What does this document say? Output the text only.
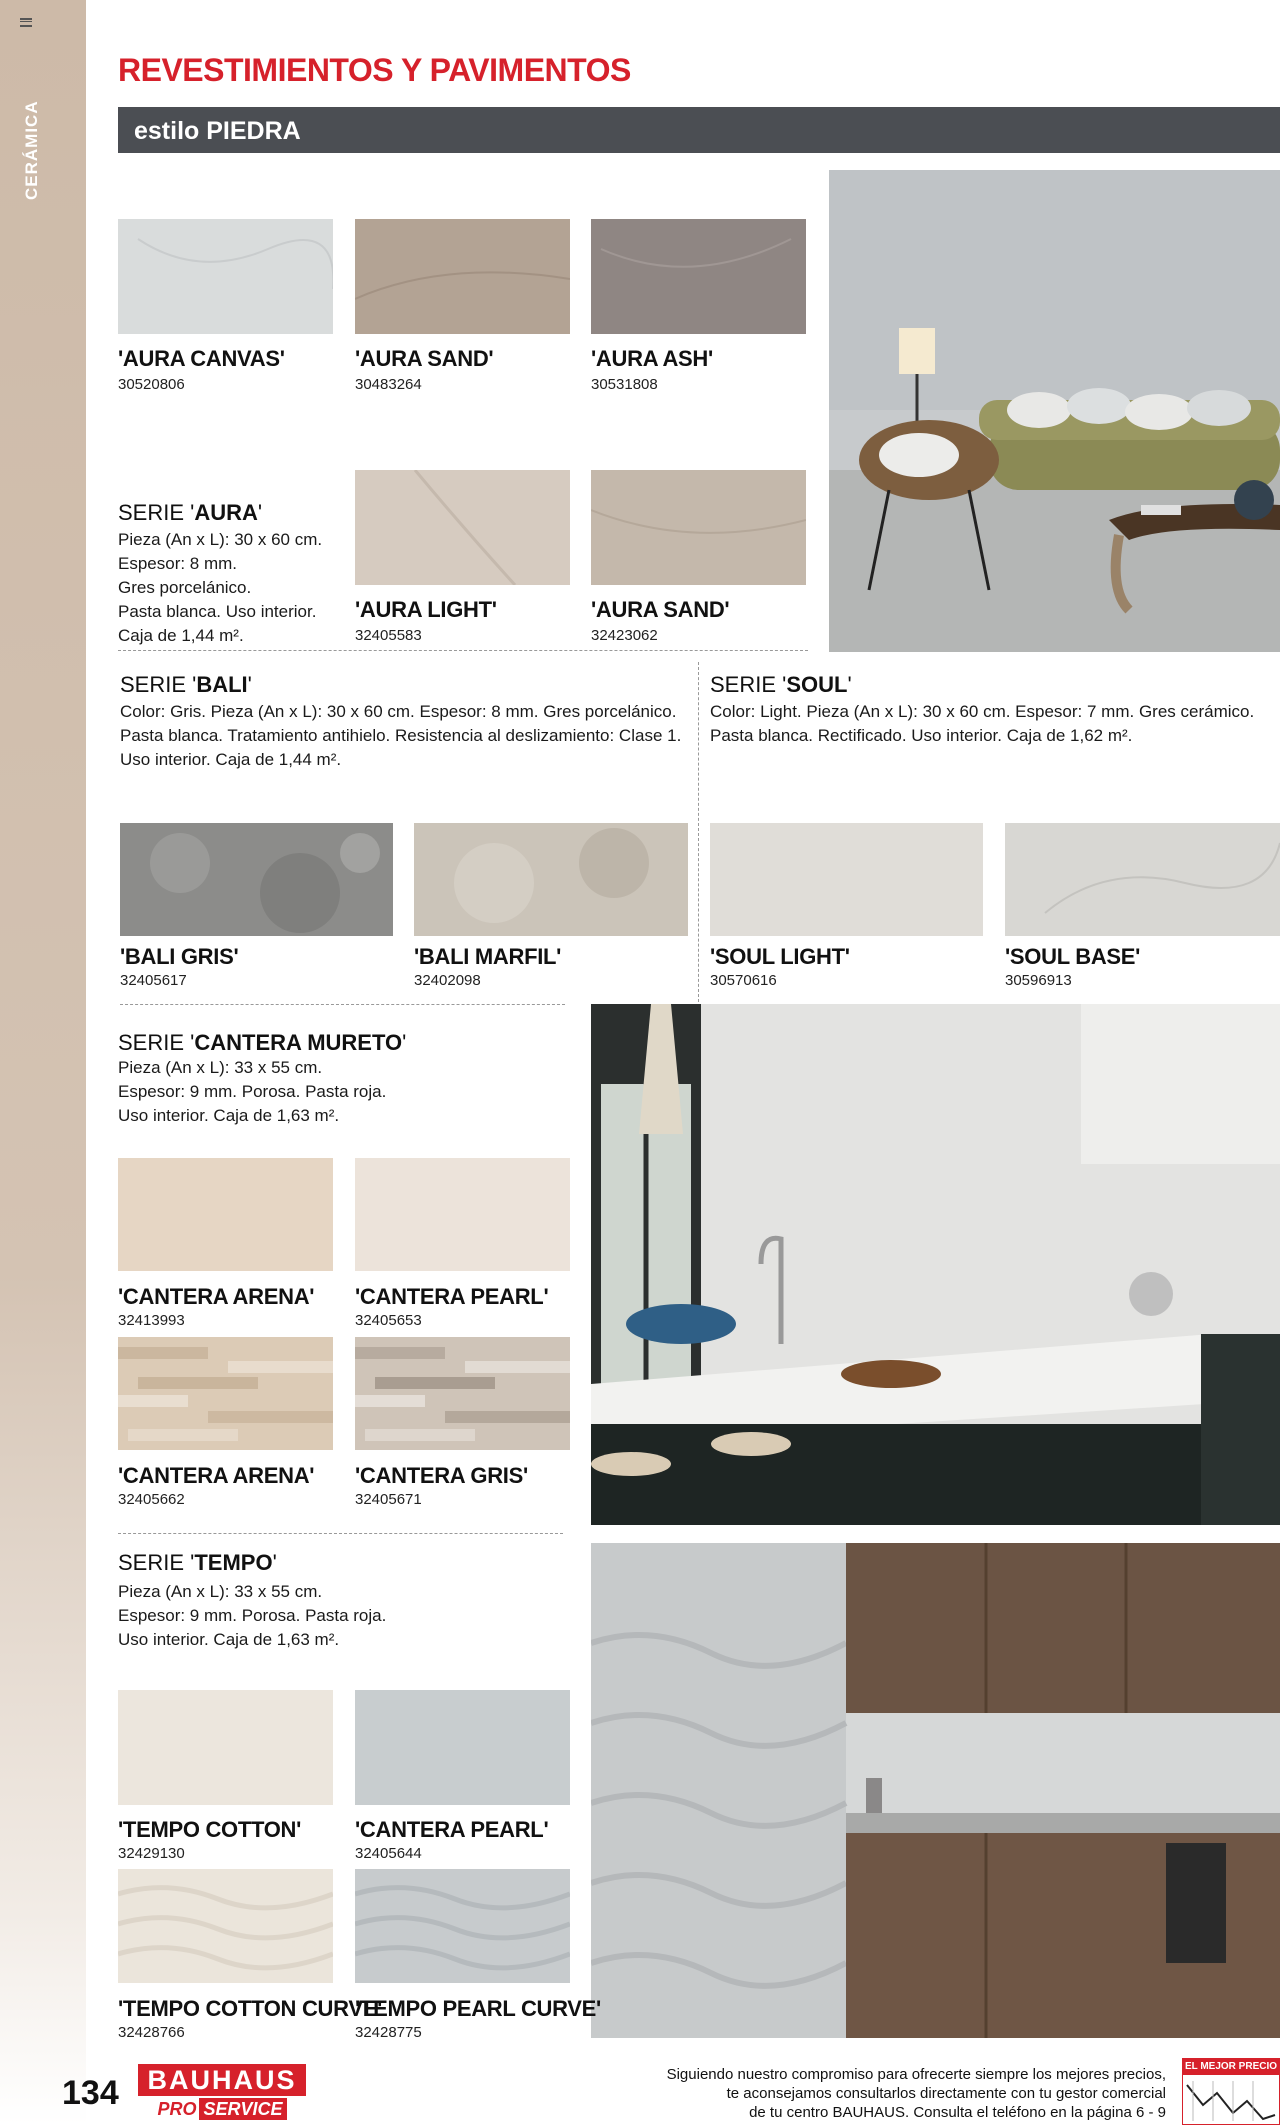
CERÁMICA
REVESTIMIENTOS Y PAVIMENTOS
estilo PIEDRA
'AURA CANVAS'
30520806
'AURA SAND'
30483264
'AURA ASH'
30531808
SERIE 'AURA'
Pieza (An x L): 30 x 60 cm.
Espesor: 8 mm.
Gres porcelánico.
Pasta blanca. Uso interior.
Caja de 1,44 m².
'AURA LIGHT'
32405583
'AURA SAND'
32423062
SERIE 'BALI'
Color: Gris. Pieza (An x L): 30 x 60 cm. Espesor: 8 mm. Gres porcelánico.
Pasta blanca. Tratamiento antihielo. Resistencia al deslizamiento: Clase 1.
Uso interior. Caja de 1,44 m².
'BALI GRIS'
32405617
'BALI MARFIL'
32402098
SERIE 'SOUL'
Color: Light. Pieza (An x L): 30 x 60 cm. Espesor: 7 mm. Gres cerámico.
Pasta blanca. Rectificado. Uso interior. Caja de 1,62 m².
'SOUL LIGHT'
30570616
'SOUL BASE'
30596913
SERIE 'CANTERA MURETO'
Pieza (An x L): 33 x 55 cm.
Espesor: 9 mm. Porosa. Pasta roja.
Uso interior. Caja de 1,63 m².
'CANTERA ARENA'
32413993
'CANTERA PEARL'
32405653
'CANTERA ARENA'
32405662
'CANTERA GRIS'
32405671
SERIE 'TEMPO'
Pieza (An x L): 33 x 55 cm.
Espesor: 9 mm. Porosa. Pasta roja.
Uso interior. Caja de 1,63 m².
'TEMPO COTTON'
32429130
'CANTERA PEARL'
32405644
'TEMPO COTTON CURVE'
32428766
'TEMPO PEARL CURVE'
32428775
134	BAUHAUS
PRO SERVICE
Siguiendo nuestro compromiso para ofrecerte siempre los mejores precios,
te aconsejamos consultarlos directamente con tu gestor comercial
de tu centro BAUHAUS. Consulta el teléfono en la página 6 - 9
EL MEJOR PRECIO
